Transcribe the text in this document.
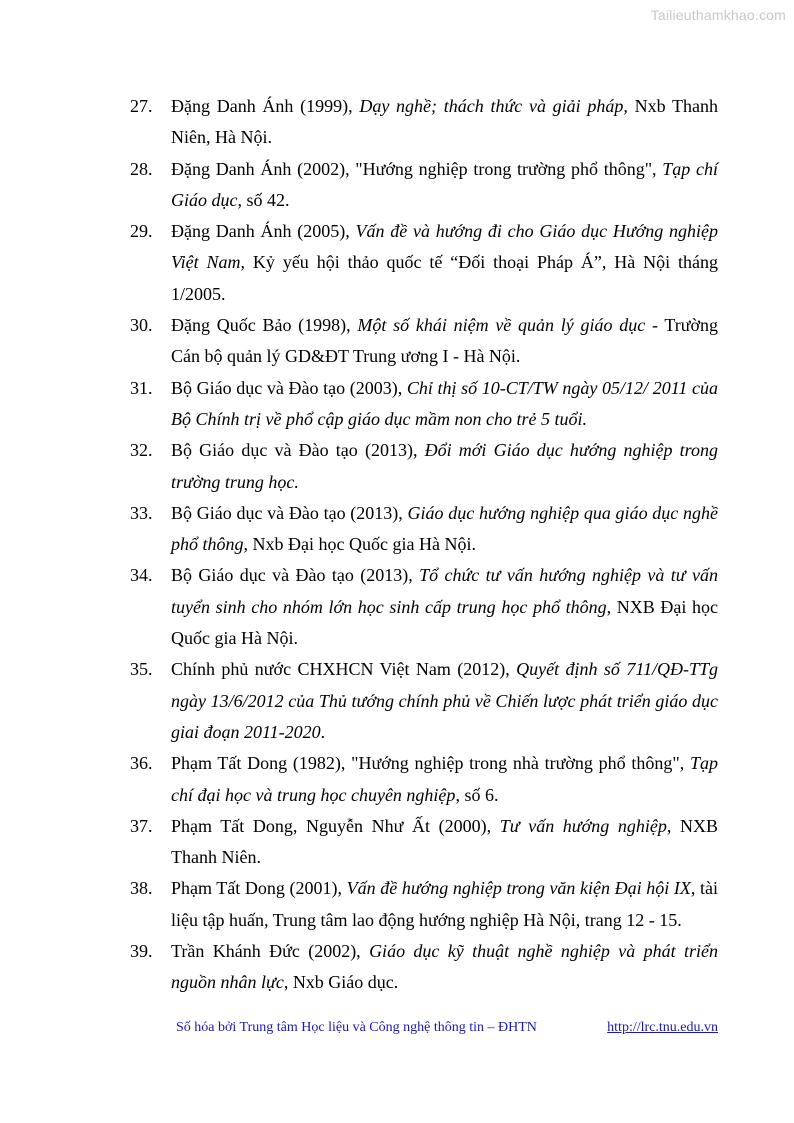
Tailieuthamkhao.com
27.	Đặng Danh Ánh (1999), Dạy nghề; thách thức và giải pháp, Nxb Thanh Niên, Hà Nội.
28.	Đặng Danh Ánh (2002), "Hướng nghiệp trong trường phổ thông", Tạp chí Giáo dục, số 42.
29.	Đặng Danh Ánh (2005), Vấn đề và hướng đi cho Giáo dục Hướng nghiệp Việt Nam, Kỷ yếu hội thảo quốc tế “Đối thoại Pháp Á”, Hà Nội tháng 1/2005.
30.	Đặng Quốc Bảo (1998), Một số khái niệm về quản lý giáo dục - Trường Cán bộ quản lý GD&ĐT Trung ương I - Hà Nội.
31.	Bộ Giáo dục và Đào tạo (2003), Chỉ thị số 10-CT/TW ngày 05/12/ 2011 của Bộ Chính trị về phổ cập giáo dục mầm non cho trẻ 5 tuổi.
32.	Bộ Giáo dục và Đào tạo (2013), Đổi mới Giáo dục hướng nghiệp trong trường trung học.
33.	Bộ Giáo dục và Đào tạo (2013), Giáo dục hướng nghiệp qua giáo dục nghề phổ thông, Nxb Đại học Quốc gia Hà Nội.
34.	Bộ Giáo dục và Đào tạo (2013), Tổ chức tư vấn hướng nghiệp và tư vấn tuyển sinh cho nhóm lớn học sinh cấp trung học phổ thông, NXB Đại học Quốc gia Hà Nội.
35.	Chính phủ nước CHXHCN Việt Nam (2012), Quyết định số 711/QĐ-TTg ngày 13/6/2012 của Thủ tướng chính phủ về Chiến lược phát triển giáo dục giai đoạn 2011-2020.
36.	Phạm Tất Dong (1982), "Hướng nghiệp trong nhà trường phổ thông", Tạp chí đại học và trung học chuyên nghiệp, số 6.
37.	Phạm Tất Dong, Nguyễn Như Ất (2000), Tư vấn hướng nghiệp, NXB Thanh Niên.
38.	Phạm Tất Dong (2001), Vấn đề hướng nghiệp trong văn kiện Đại hội IX, tài liệu tập huấn, Trung tâm lao động hướng nghiệp Hà Nội, trang 12 - 15.
39.	Trần Khánh Đức (2002), Giáo dục kỹ thuật nghề nghiệp và phát triển nguồn nhân lực, Nxb Giáo dục.
Số hóa bởi Trung tâm Học liệu và Công nghệ thông tin – ĐHTN	http://lrc.tnu.edu.vn
